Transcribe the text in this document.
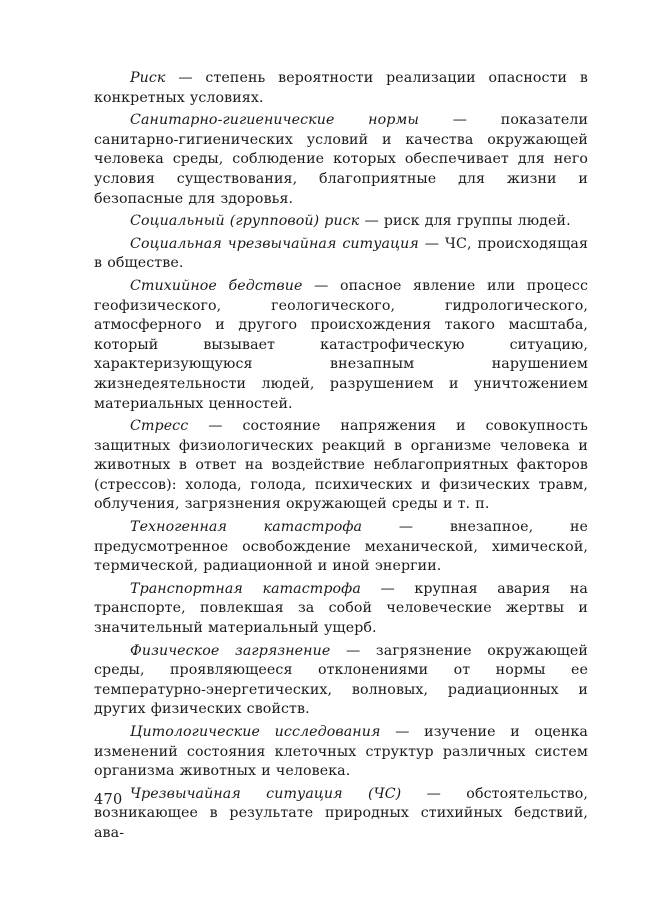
Риск — степень вероятности реализации опасности в конкретных условиях.

Санитарно-гигиенические нормы — показатели санитарно-гигиенических условий и качества окружающей человека среды, соблюдение которых обеспечивает для него условия существования, благоприятные для жизни и безопасные для здоровья.

Социальный (групповой) риск — риск для группы людей.

Социальная чрезвычайная ситуация — ЧС, происходящая в обществе.

Стихийное бедствие — опасное явление или процесс геофизического, геологического, гидрологического, атмосферного и другого происхождения такого масштаба, который вызывает катастрофическую ситуацию, характеризующуюся внезапным нарушением жизнедеятельности людей, разрушением и уничтожением материальных ценностей.

Стресс — состояние напряжения и совокупность защитных физиологических реакций в организме человека и животных в ответ на воздействие неблагоприятных факторов (стрессов): холода, голода, психических и физических травм, облучения, загрязнения окружающей среды и т. п.

Техногенная катастрофа — внезапное, не предусмотренное освобождение механической, химической, термической, радиационной и иной энергии.

Транспортная катастрофа — крупная авария на транспорте, повлекшая за собой человеческие жертвы и значительный материальный ущерб.

Физическое загрязнение — загрязнение окружающей среды, проявляющееся отклонениями от нормы ее температурно-энергетических, волновых, радиационных и других физических свойств.

Цитологические исследования — изучение и оценка изменений состояния клеточных структур различных систем организма животных и человека.

Чрезвычайная ситуация (ЧС) — обстоятельство, возникающее в результате природных стихийных бедствий, ава-

470
